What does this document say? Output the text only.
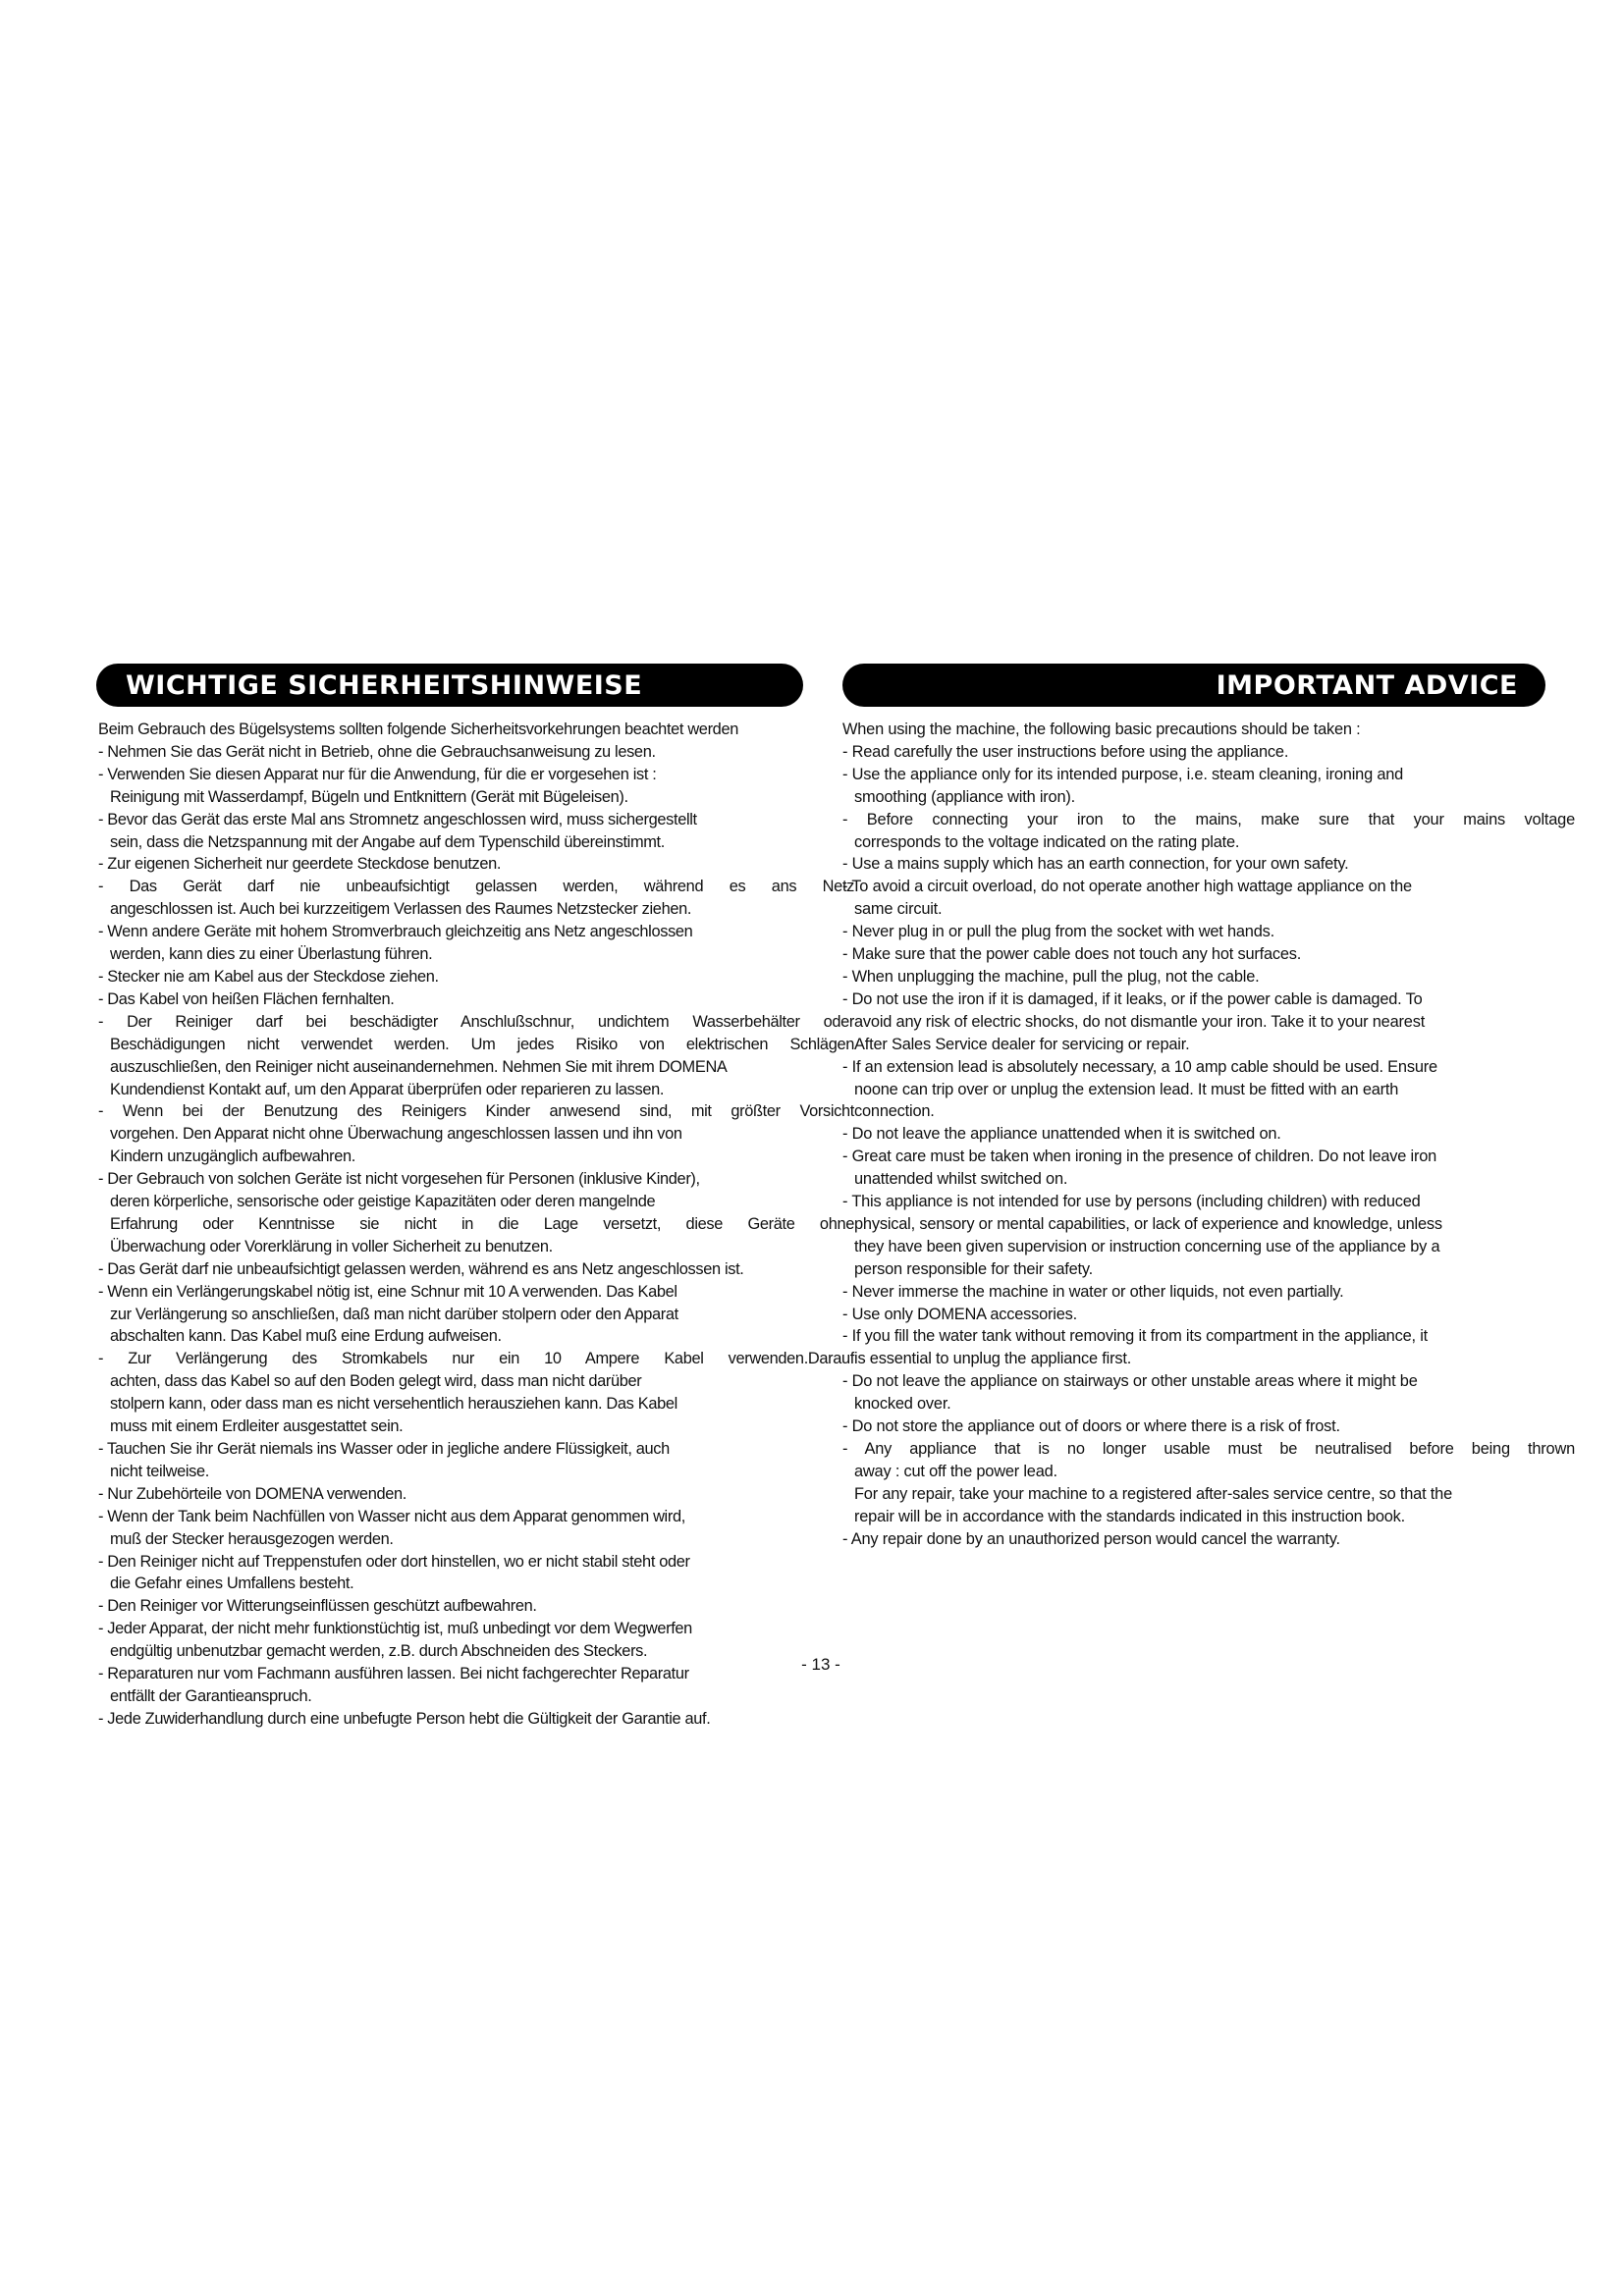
WICHTIGE SICHERHEITSHINWEISE	IMPORTANT ADVICE
Beim Gebrauch des Bügelsystems sollten folgende Sicherheitsvorkehrungen beachtet werden
- Nehmen Sie das Gerät nicht in Betrieb, ohne die Gebrauchsanweisung zu lesen.
- Verwenden Sie diesen Apparat nur für die Anwendung, für die er vorgesehen ist :
Reinigung mit Wasserdampf, Bügeln und Entknittern (Gerät mit Bügeleisen).
- Bevor das Gerät das erste Mal ans Stromnetz angeschlossen wird, muss sichergestellt
sein, dass die Netzspannung mit der Angabe auf dem Typenschild übereinstimmt.
- Zur eigenen Sicherheit nur geerdete Steckdose benutzen.
- Das Gerät darf nie unbeaufsichtigt gelassen werden, während es ans Netz
angeschlossen ist. Auch bei kurzzeitigem Verlassen des Raumes Netzstecker ziehen.
- Wenn andere Geräte mit hohem Stromverbrauch gleichzeitig ans Netz angeschlossen
werden, kann dies zu einer Überlastung führen.
- Stecker nie am Kabel aus der Steckdose ziehen.
- Das Kabel von heißen Flächen fernhalten.
- Der Reiniger darf bei beschädigter Anschlußschnur, undichtem Wasserbehälter oder
Beschädigungen nicht verwendet werden. Um jedes Risiko von elektrischen Schlägen
auszuschließen, den Reiniger nicht auseinandernehmen. Nehmen Sie mit ihrem DOMENA
Kundendienst Kontakt auf, um den Apparat überprüfen oder reparieren zu lassen.
- Wenn bei der Benutzung des Reinigers Kinder anwesend sind, mit größter Vorsicht
vorgehen. Den Apparat nicht ohne Überwachung angeschlossen lassen und ihn von
Kindern unzugänglich aufbewahren.
- Der Gebrauch von solchen Geräte ist nicht vorgesehen für Personen (inklusive Kinder),
deren körperliche, sensorische oder geistige Kapazitäten oder deren mangelnde
Erfahrung oder Kenntnisse sie nicht in die Lage versetzt, diese Geräte ohne
Überwachung oder Vorerklärung in voller Sicherheit zu benutzen.
- Das Gerät darf nie unbeaufsichtigt gelassen werden, während es ans Netz angeschlossen ist.
- Wenn ein Verlängerungskabel nötig ist, eine Schnur mit 10 A verwenden. Das Kabel
zur Verlängerung so anschließen, daß man nicht darüber stolpern oder den Apparat
abschalten kann. Das Kabel muß eine Erdung aufweisen.
- Zur Verlängerung des Stromkabels nur ein 10 Ampere Kabel verwenden.Darauf
achten, dass das Kabel so auf den Boden gelegt wird, dass man nicht darüber
stolpern kann, oder dass man es nicht versehentlich herausziehen kann. Das Kabel
muss mit einem Erdleiter ausgestattet sein.
- Tauchen Sie ihr Gerät niemals ins Wasser oder in jegliche andere Flüssigkeit, auch
nicht teilweise.
- Nur Zubehörteile von DOMENA verwenden.
- Wenn der Tank beim Nachfüllen von Wasser nicht aus dem Apparat genommen wird,
muß der Stecker herausgezogen werden.
- Den Reiniger nicht auf Treppenstufen oder dort hinstellen, wo er nicht stabil steht oder
die Gefahr eines Umfallens besteht.
- Den Reiniger vor Witterungseinflüssen geschützt aufbewahren.
- Jeder Apparat, der nicht mehr funktionstüchtig ist, muß unbedingt vor dem Wegwerfen
endgültig unbenutzbar gemacht werden, z.B. durch Abschneiden des Steckers.
- Reparaturen nur vom Fachmann ausführen lassen. Bei nicht fachgerechter Reparatur
entfällt der Garantieanspruch.
- Jede Zuwiderhandlung durch eine unbefugte Person hebt die Gültigkeit der Garantie auf.
When using the machine, the following basic precautions should be taken :
- Read carefully the user instructions before using the appliance.
- Use the appliance only for its intended purpose, i.e. steam cleaning, ironing and
smoothing (appliance with iron).
- Before connecting your iron to the mains, make sure that your mains voltage
corresponds to the voltage indicated on the rating plate.
- Use a mains supply which has an earth connection, for your own safety.
- To avoid a circuit overload, do not operate another high wattage appliance on the
same circuit.
- Never plug in or pull the plug from the socket with wet hands.
- Make sure that the power cable does not touch any hot surfaces.
- When unplugging the machine, pull the plug, not the cable.
- Do not use the iron if it is damaged, if it leaks, or if the power cable is damaged. To
avoid any risk of electric shocks, do not dismantle your iron. Take it to your nearest
After Sales Service dealer for servicing or repair.
- If an extension lead is absolutely necessary, a 10 amp cable should be used. Ensure
noone can trip over or unplug the extension lead. It must be fitted with an earth
connection.
- Do not leave the appliance unattended when it is switched on.
- Great care must be taken when ironing in the presence of children. Do not leave iron
unattended whilst switched on.
- This appliance is not intended for use by persons (including children) with reduced
physical, sensory or mental capabilities, or lack of experience and knowledge, unless
they have been given supervision or instruction concerning use of the appliance by a
person responsible for their safety.
- Never immerse the machine in water or other liquids, not even partially.
- Use only DOMENA accessories.
- If you fill the water tank without removing it from its compartment in the appliance, it
is essential to unplug the appliance first.
- Do not leave the appliance on stairways or other unstable areas where it might be
knocked over.
- Do not store the appliance out of doors or where there is a risk of frost.
- Any appliance that is no longer usable must be neutralised before being thrown
away : cut off the power lead.
For any repair, take your machine to a registered after-sales service centre, so that the
repair will be in accordance with the standards indicated in this instruction book.
- Any repair done by an unauthorized person would cancel the warranty.
- 13 -
